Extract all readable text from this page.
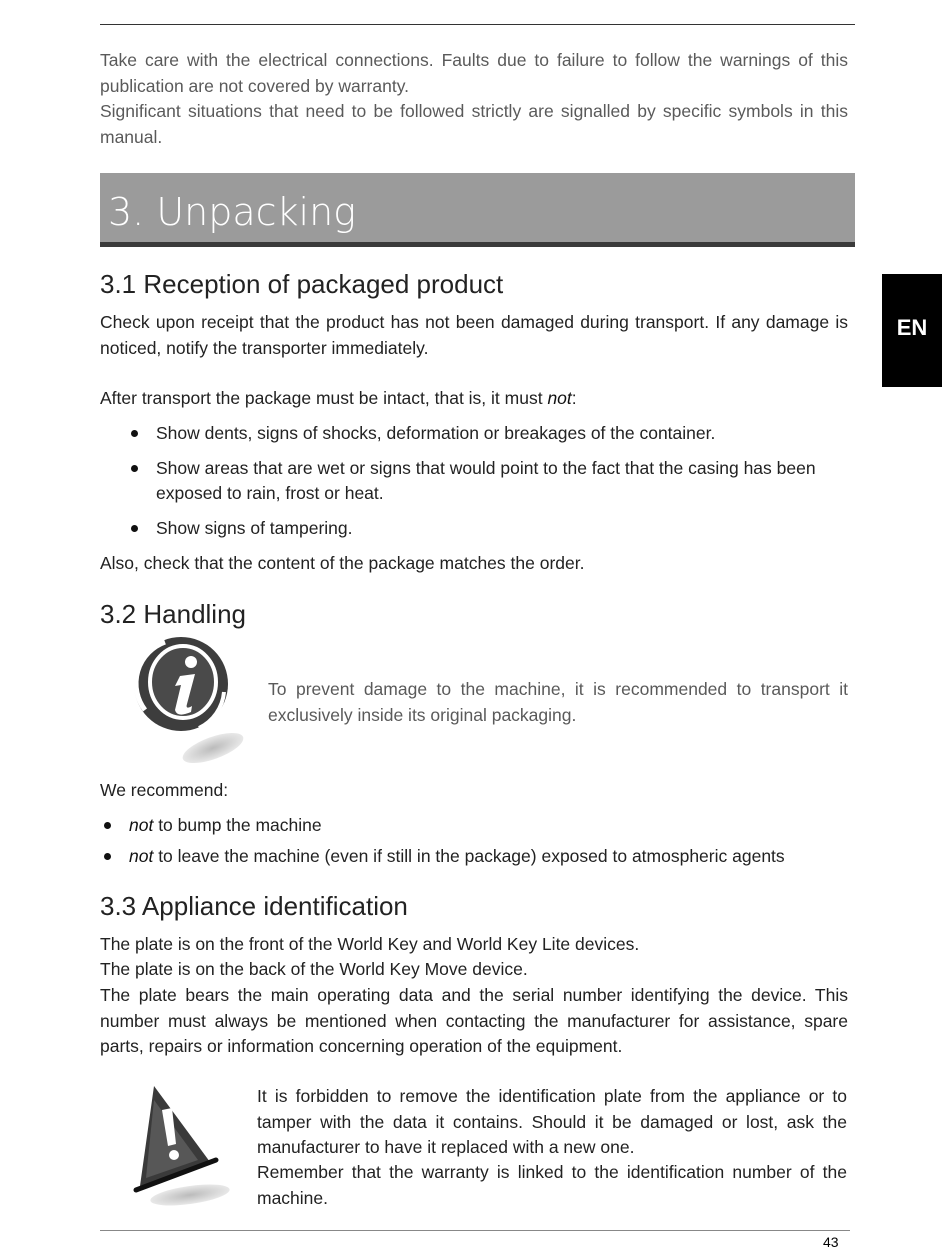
Take care with the electrical connections. Faults due to failure to follow the warnings of this publication are not covered by warranty.

Significant situations that need to be followed strictly are signalled by specific symbols in this manual.

3. Unpacking
EN
3.1 Reception of packaged product

Check upon receipt that the product has not been damaged during transport. If any damage is noticed, notify the transporter immediately.

After transport the package must be intact, that is, it must not:

Show dents, signs of shocks, deformation or breakages of the container.
Show areas that are wet or signs that would point to the fact that the casing has been exposed to rain, frost or heat.
Show signs of tampering.

Also, check that the content of the package matches the order.

3.2 Handling

To prevent damage to the machine, it is recommended to transport it exclusively inside its original packaging.

We recommend:

not to bump the machine
not to leave the machine (even if still in the package) exposed to atmospheric agents
3.3 Appliance identification

The plate is on the front of the World Key and World Key Lite devices.

The plate is on the back of the World Key Move device.

The plate bears the main operating data and the serial number identifying the device. This number must always be mentioned when contacting the manufacturer for assistance, spare parts, repairs or information concerning operation of the equipment.

It is forbidden to remove the identification plate from the appliance or to tamper with the data it contains. Should it be damaged or lost, ask the manufacturer to have it replaced with a new one.

Remember that the warranty is linked to the identification number of the machine.

43
